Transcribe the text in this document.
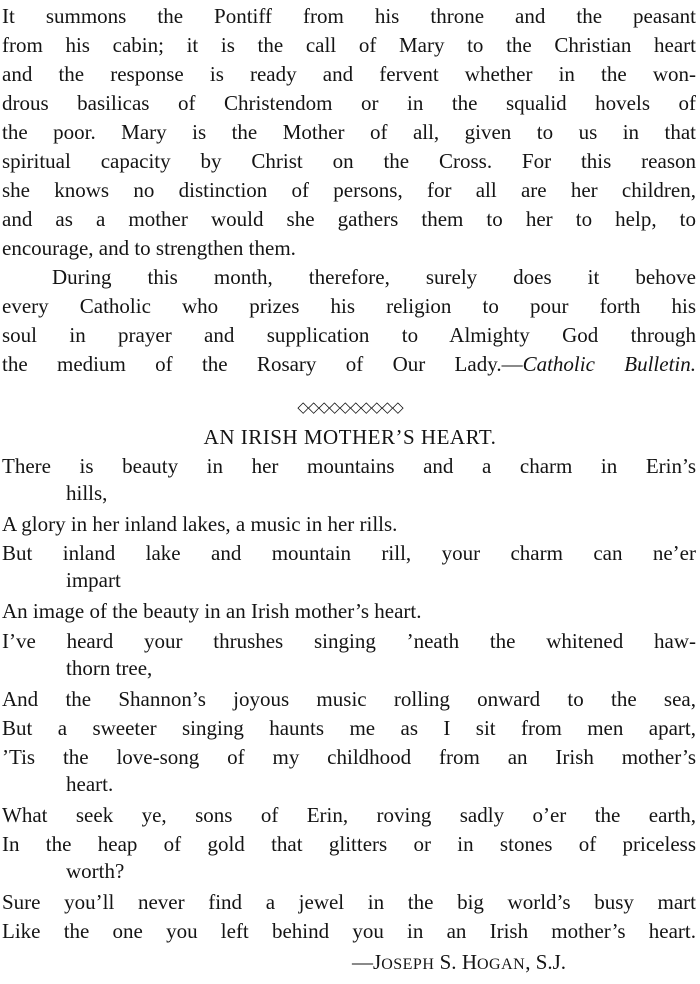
It summons the Pontiff from his throne and the peasant
from his cabin; it is the call of Mary to the Christian heart
and the response is ready and fervent whether in the won-
drous basilicas of Christendom or in the squalid hovels of
the poor. Mary is the Mother of all, given to us in that
spiritual capacity by Christ on the Cross. For this reason
she knows no distinction of persons, for all are her children,
and as a mother would she gathers them to her to help, to
encourage, and to strengthen them.
During this month, therefore, surely does it behove
every Catholic who prizes his religion to pour forth his
soul in prayer and supplication to Almighty God through
the medium of the Rosary of Our Lady.—Catholic Bulletin.
◇◇◇◇◇◇◇◇◇◇
AN IRISH MOTHER’S HEART.
There is beauty in her mountains and a charm in Erin’s
hills,
A glory in her inland lakes, a music in her rills.
But inland lake and mountain rill, your charm can ne’er
impart
An image of the beauty in an Irish mother’s heart.
I’ve heard your thrushes singing ’neath the whitened haw-
thorn tree,
And the Shannon’s joyous music rolling onward to the sea,
But a sweeter singing haunts me as I sit from men apart,
’Tis the love-song of my childhood from an Irish mother’s
heart.
What seek ye, sons of Erin, roving sadly o’er the earth,
In the heap of gold that glitters or in stones of priceless
worth?
Sure you’ll never find a jewel in the big world’s busy mart
Like the one you left behind you in an Irish mother’s heart.
—JOSEPH S. HOGAN, S.J.
